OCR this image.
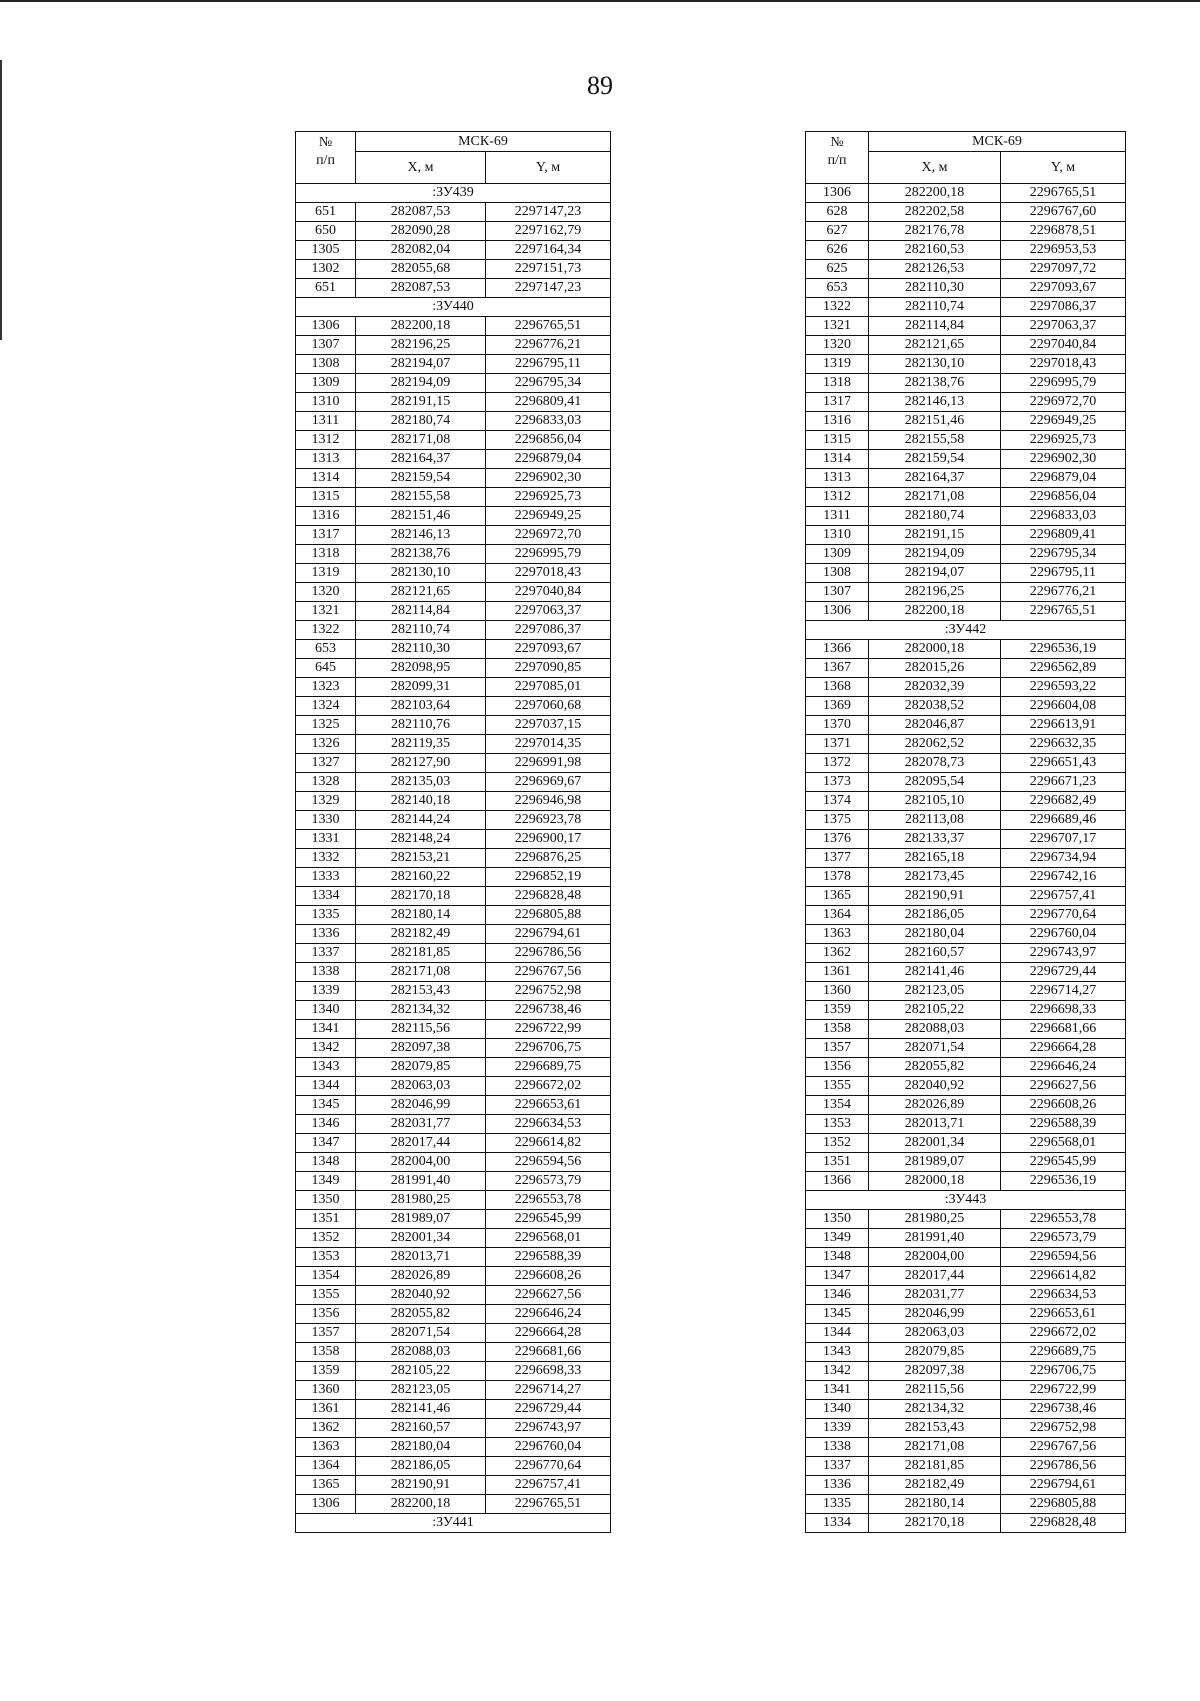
89
№
п/п	МСК-69	
	X, м	Y, м
:ЗУ439		
651	282087,53	2297147,23
650	282090,28	2297162,79
1305	282082,04	2297164,34
1302	282055,68	2297151,73
651	282087,53	2297147,23
:ЗУ440		
1306	282200,18	2296765,51
1307	282196,25	2296776,21
1308	282194,07	2296795,11
1309	282194,09	2296795,34
1310	282191,15	2296809,41
1311	282180,74	2296833,03
1312	282171,08	2296856,04
1313	282164,37	2296879,04
1314	282159,54	2296902,30
1315	282155,58	2296925,73
1316	282151,46	2296949,25
1317	282146,13	2296972,70
1318	282138,76	2296995,79
1319	282130,10	2297018,43
1320	282121,65	2297040,84
1321	282114,84	2297063,37
1322	282110,74	2297086,37
653	282110,30	2297093,67
645	282098,95	2297090,85
1323	282099,31	2297085,01
1324	282103,64	2297060,68
1325	282110,76	2297037,15
1326	282119,35	2297014,35
1327	282127,90	2296991,98
1328	282135,03	2296969,67
1329	282140,18	2296946,98
1330	282144,24	2296923,78
1331	282148,24	2296900,17
1332	282153,21	2296876,25
1333	282160,22	2296852,19
1334	282170,18	2296828,48
1335	282180,14	2296805,88
1336	282182,49	2296794,61
1337	282181,85	2296786,56
1338	282171,08	2296767,56
1339	282153,43	2296752,98
1340	282134,32	2296738,46
1341	282115,56	2296722,99
1342	282097,38	2296706,75
1343	282079,85	2296689,75
1344	282063,03	2296672,02
1345	282046,99	2296653,61
1346	282031,77	2296634,53
1347	282017,44	2296614,82
1348	282004,00	2296594,56
1349	281991,40	2296573,79
1350	281980,25	2296553,78
1351	281989,07	2296545,99
1352	282001,34	2296568,01
1353	282013,71	2296588,39
1354	282026,89	2296608,26
1355	282040,92	2296627,56
1356	282055,82	2296646,24
1357	282071,54	2296664,28
1358	282088,03	2296681,66
1359	282105,22	2296698,33
1360	282123,05	2296714,27
1361	282141,46	2296729,44
1362	282160,57	2296743,97
1363	282180,04	2296760,04
1364	282186,05	2296770,64
1365	282190,91	2296757,41
1306	282200,18	2296765,51
:ЗУ441		
№
п/п	МСК-69	
	X, м	Y, м
1306	282200,18	2296765,51
628	282202,58	2296767,60
627	282176,78	2296878,51
626	282160,53	2296953,53
625	282126,53	2297097,72
653	282110,30	2297093,67
1322	282110,74	2297086,37
1321	282114,84	2297063,37
1320	282121,65	2297040,84
1319	282130,10	2297018,43
1318	282138,76	2296995,79
1317	282146,13	2296972,70
1316	282151,46	2296949,25
1315	282155,58	2296925,73
1314	282159,54	2296902,30
1313	282164,37	2296879,04
1312	282171,08	2296856,04
1311	282180,74	2296833,03
1310	282191,15	2296809,41
1309	282194,09	2296795,34
1308	282194,07	2296795,11
1307	282196,25	2296776,21
1306	282200,18	2296765,51
:ЗУ442		
1366	282000,18	2296536,19
1367	282015,26	2296562,89
1368	282032,39	2296593,22
1369	282038,52	2296604,08
1370	282046,87	2296613,91
1371	282062,52	2296632,35
1372	282078,73	2296651,43
1373	282095,54	2296671,23
1374	282105,10	2296682,49
1375	282113,08	2296689,46
1376	282133,37	2296707,17
1377	282165,18	2296734,94
1378	282173,45	2296742,16
1365	282190,91	2296757,41
1364	282186,05	2296770,64
1363	282180,04	2296760,04
1362	282160,57	2296743,97
1361	282141,46	2296729,44
1360	282123,05	2296714,27
1359	282105,22	2296698,33
1358	282088,03	2296681,66
1357	282071,54	2296664,28
1356	282055,82	2296646,24
1355	282040,92	2296627,56
1354	282026,89	2296608,26
1353	282013,71	2296588,39
1352	282001,34	2296568,01
1351	281989,07	2296545,99
1366	282000,18	2296536,19
:ЗУ443		
1350	281980,25	2296553,78
1349	281991,40	2296573,79
1348	282004,00	2296594,56
1347	282017,44	2296614,82
1346	282031,77	2296634,53
1345	282046,99	2296653,61
1344	282063,03	2296672,02
1343	282079,85	2296689,75
1342	282097,38	2296706,75
1341	282115,56	2296722,99
1340	282134,32	2296738,46
1339	282153,43	2296752,98
1338	282171,08	2296767,56
1337	282181,85	2296786,56
1336	282182,49	2296794,61
1335	282180,14	2296805,88
1334	282170,18	2296828,48
